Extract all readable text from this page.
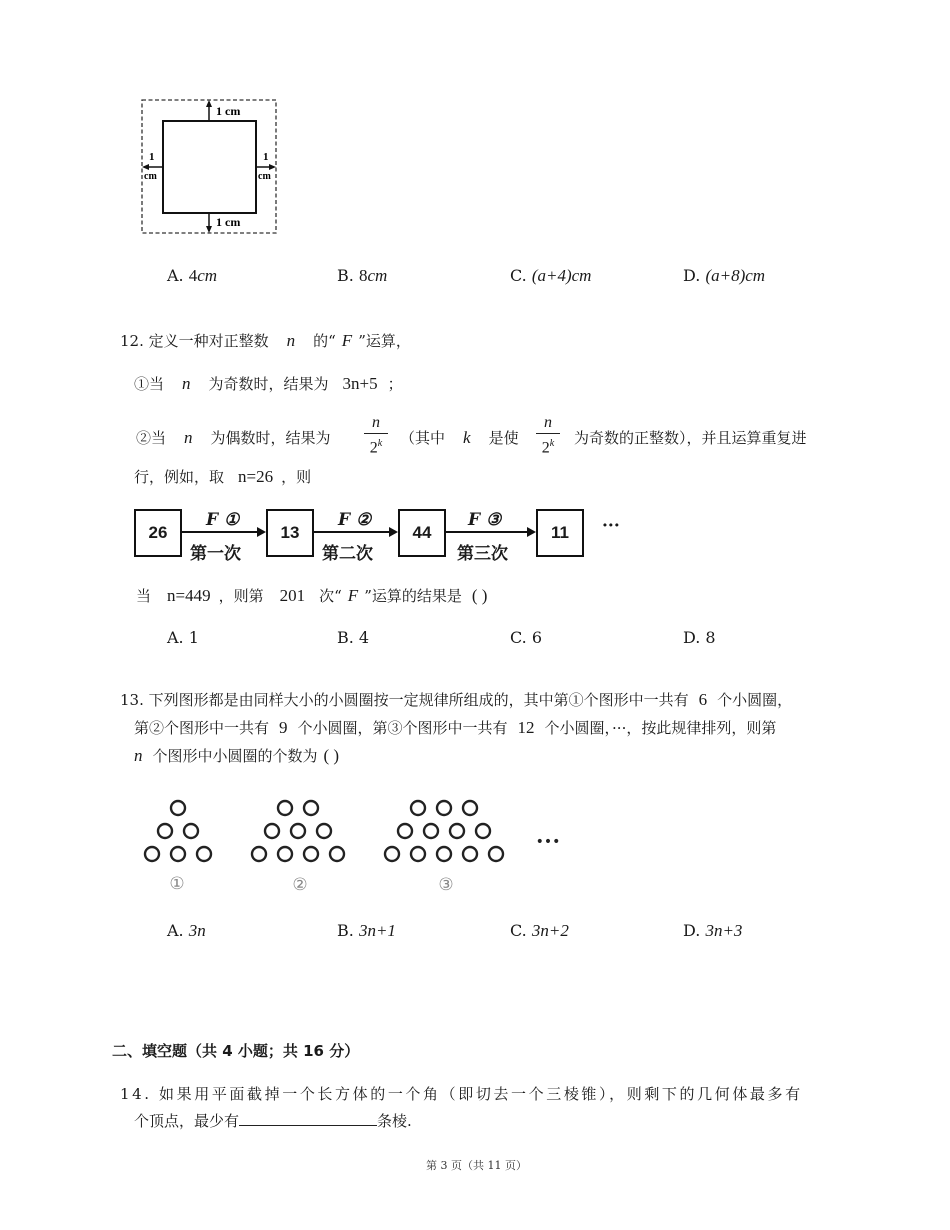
1 cm
1 cm
1
cm
1
cm
A. 4cm	B. 8cm	C. (a+4)cm	D. (a+8)cm
12. 定义一种对正整数 n 的“ F ”运算，
①当 n 为奇数时，结果为 3n+5 ；
②当 n 为偶数时，结果为
n
2$^k$	（其中 k 是使
n
2$^k$	为奇数的正整数），并且运算重复进
行，例如，取 n=26 ，则
26	13	44	11
F ①	F ②	F ③
第一次	第二次	第三次
···
当 n=449 ，则第 201 次“ F ”运算的结果是 ( )
A. 1	B. 4	C. 6	D. 8
13. 下列图形都是由同样大小的小圆圈按一定规律所组成的，其中第①个图形中一共有 6 个小圆圈，
第②个图形中一共有 9 个小圆圈，第③个图形中一共有 12 个小圆圈，···，按此规律排列，则第
n 个图形中小圆圈的个数为 ( )
①	②	③
•••
A. 3n	B. 3n+1	C. 3n+2	D. 3n+3
二、填空题（共 4 小题；共 16 分）
14. 如果用平面截掉一个长方体的一个角（即切去一个三棱锥），则剩下的几何体最多有
个顶点，最少有	条棱.
第 3 页（共 11 页）
